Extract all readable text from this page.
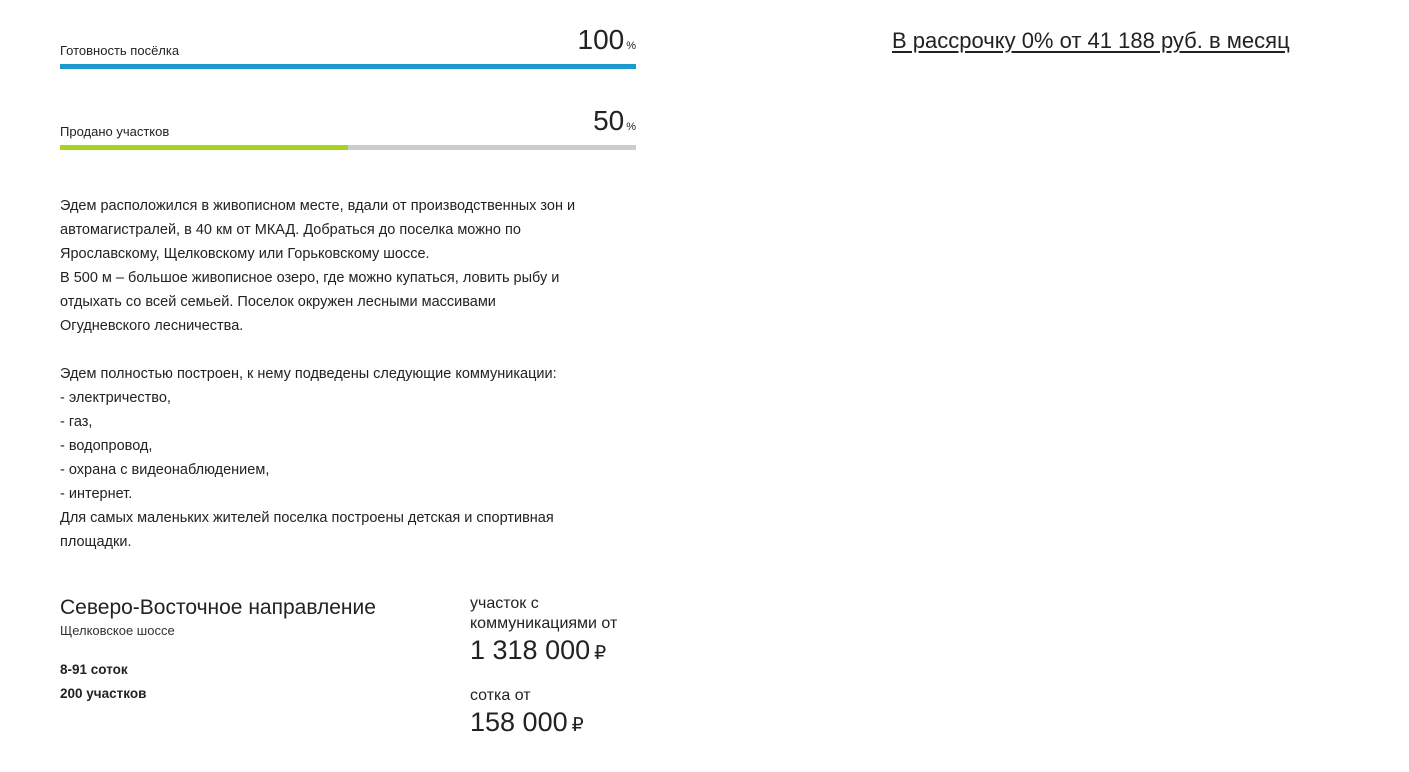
Готовность посёлка	100 %
Продано участков	50 %

Эдем расположился в живописном месте, вдали от производственных зон и

автомагистралей, в 40 км от МКАД. Добраться до поселка можно по

Ярославскому, Щелковскому или Горьковскому шоссе.

В 500 м – большое живописное озеро, где можно купаться, ловить рыбу и

отдыхать со всей семьей. Поселок окружен лесными массивами

Огудневского лесничества.

Эдем полностью построен, к нему подведены следующие коммуникации:

- электричество,

- газ,

- водопровод,

- охрана с видеонаблюдением,

- интернет.

Для самых маленьких жителей поселка построены детская и спортивная

площадки.

Северо-Восточное направление
Щелковское шоссе
8-91 соток
200 участков
участок с
коммуникациями от
1 318 000 ₽
сотка от
158 000 ₽
В рассрочку 0% от 41 188 руб. в месяц
